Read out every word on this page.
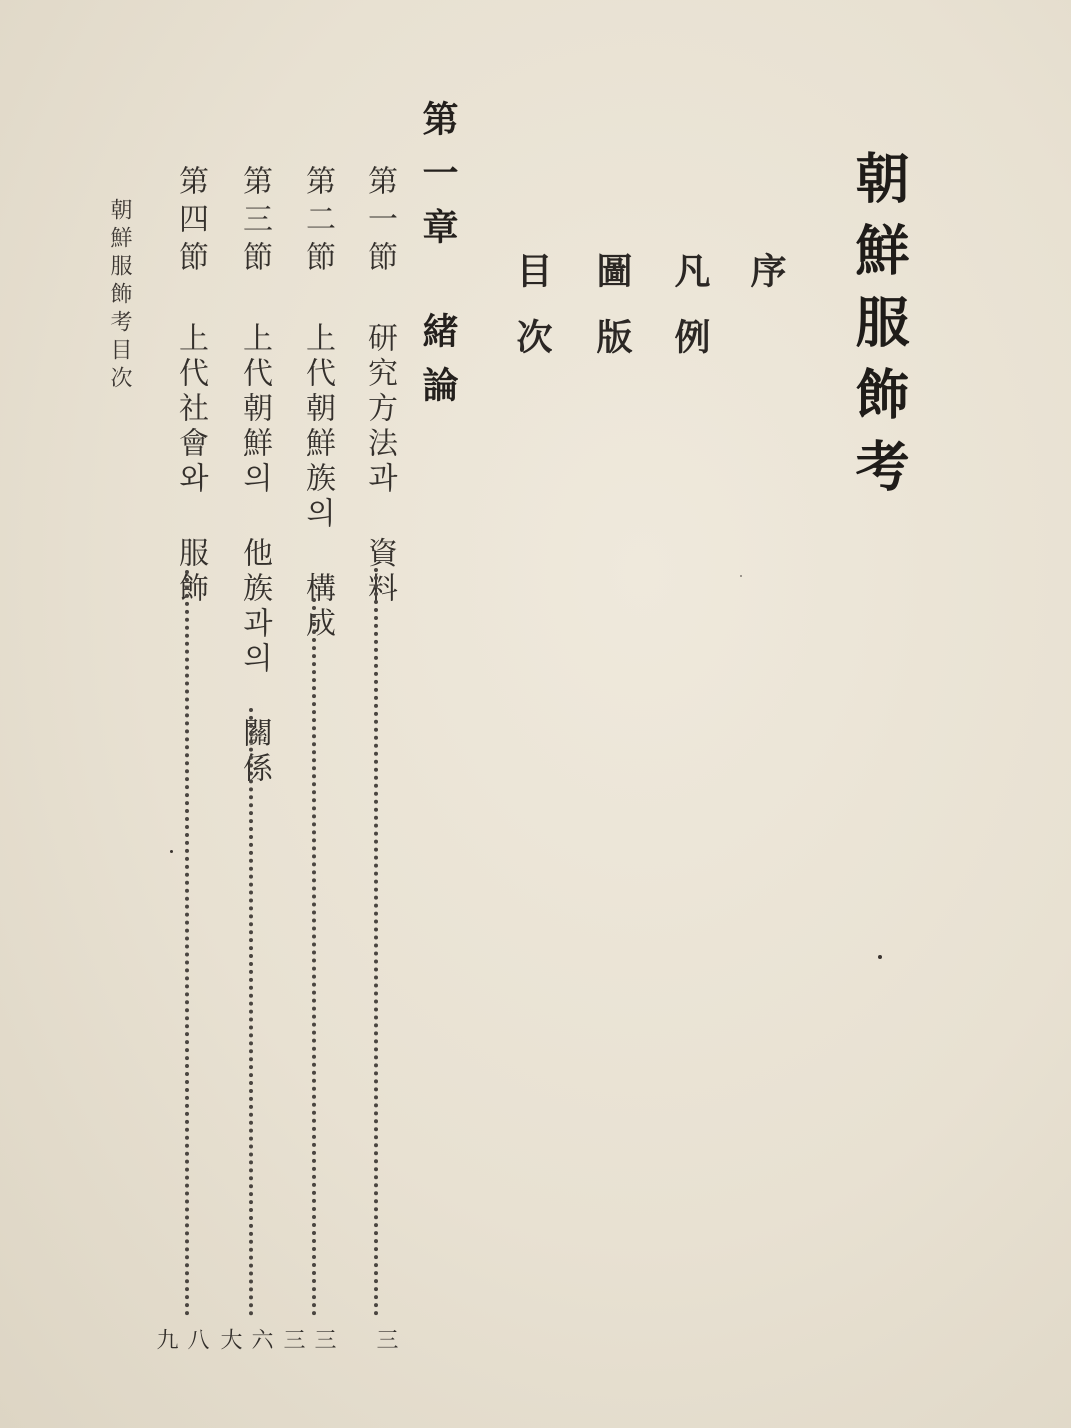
朝鮮服飾考
序
凡例
圖版
目次
第一章緒論
第一節
研究方法과 資料
三
第二節
上代朝鮮族의 構成
三三
第三節
上代朝鮮의 他族과의 關係
六大
第四節
上代社會와 服飾
八九
朝鮮服飾考目次
